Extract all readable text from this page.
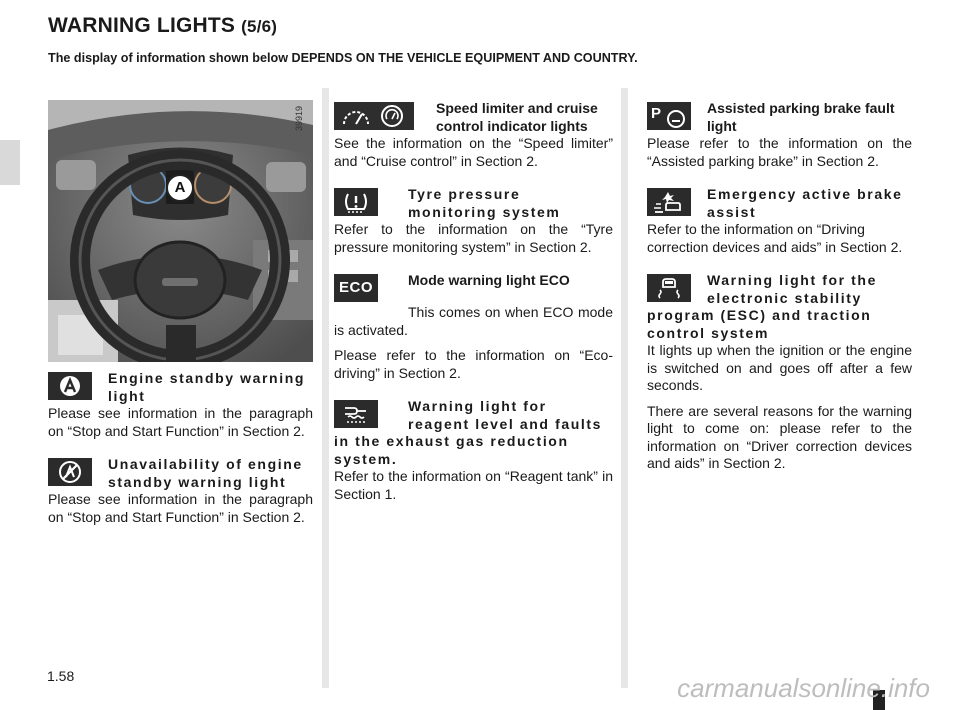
WARNING LIGHTS (5/6)

The display of information shown below DEPENDS ON THE VEHICLE EQUIPMENT AND COUNTRY.

39919
A
Engine standby warning light

Please see information in the paragraph on “Stop and Start Function” in Section 2.

Unavailability of engine standby warning light

Please see information in the paragraph on “Stop and Start Function” in Section 2.

Speed limiter and cruise control indicator lights

See the information on the “Speed limiter” and “Cruise control” in Section 2.

Tyre pressure monitoring system

Refer to the information on the “Tyre pressure monitoring system” in Section 2.

ECO	Mode warning light ECO

This comes on when ECO mode is activated.

Please refer to the information on “Eco-driving” in Section 2.

Warning light for reagent level and faults in the exhaust gas reduction system.

Refer to the information on “Reagent tank” in Section 1.

P	Assisted parking brake fault light

Please refer to the information on the “Assisted parking brake” in Section 2.

Emergency active brake assist

Refer to the information on “Driving correction devices and aids” in Section 2.

Warning light for the electronic stability program (ESC) and traction control system

It lights up when the ignition or the engine is switched on and goes off after a few seconds.

There are several reasons for the warning light to come on: please refer to the information on “Driver correction devices and aids” in Section 2.

1.58	carmanualsonline.info
